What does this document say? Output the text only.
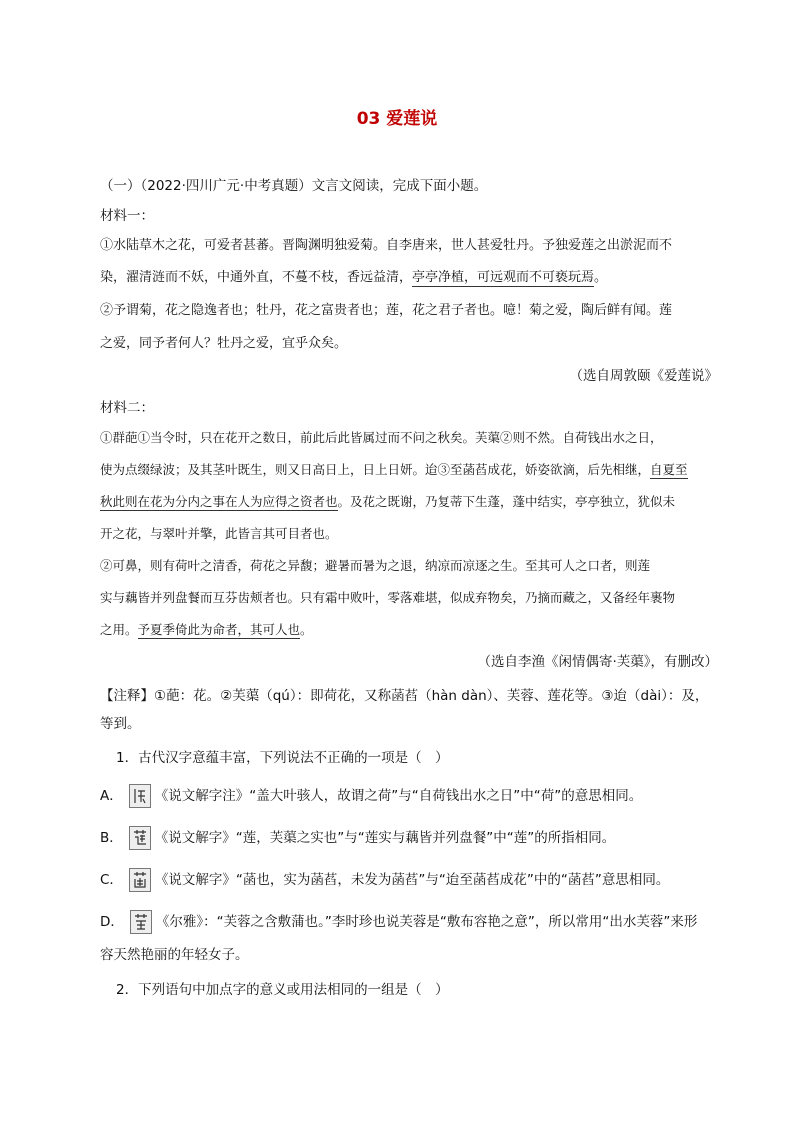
03 爱莲说
（一）（2022·四川广元·中考真题）文言文阅读，完成下面小题。
材料一：
①水陆草木之花，可爱者甚蕃。晋陶渊明独爱菊。自李唐来，世人甚爱牡丹。予独爱莲之出淤泥而不
染，濯清涟而不妖，中通外直，不蔓不枝，香远益清，亭亭净植，可远观而不可亵玩焉。
②予谓菊，花之隐逸者也；牡丹，花之富贵者也；莲，花之君子者也。噫！菊之爱，陶后鲜有闻。莲
之爱，同予者何人？牡丹之爱，宜乎众矣。
（选自周敦颐《爱莲说》
材料二：
①群葩①当令时，只在花开之数日，前此后此皆属过而不问之秋矣。芙蕖②则不然。自荷钱出水之日，
使为点缀绿波；及其茎叶既生，则又日高日上，日上日妍。迨③至菡萏成花，娇姿欲滴，后先相继，自夏至
秋此则在花为分内之事在人为应得之资者也。及花之既谢，乃复蒂下生蓬，蓬中结实，亭亭独立，犹似未
开之花，与翠叶并擎，此皆言其可目者也。
②可鼻，则有荷叶之清香，荷花之异馥；避暑而暑为之退，纳凉而凉逐之生。至其可人之口者，则莲
实与藕皆并列盘餐而互芬齿颊者也。只有霜中败叶，零落难堪，似成弃物矣，乃摘而藏之，又备经年裹物
之用。予夏季倚此为命者，其可人也。
（选自李渔《闲情偶寄·芙蕖》，有删改）
【注释】①葩：花。②芙蕖（qú）：即荷花，又称菡萏（hàn dàn）、芙蓉、莲花等。③迨（dài）：及，
等到。
1．古代汉字意蕴丰富，下列说法不正确的一项是（　）
A． 《说文解字注》“盖大叶骇人，故谓之荷”与“自荷钱出水之日”中“荷”的意思相同。
B． 《说文解字》“莲，芙蕖之实也”与“莲实与藕皆并列盘餐”中“莲”的所指相同。
C． 《说文解字》“菡也，实为菡萏，未发为菡萏”与“迨至菡萏成花”中的“菡萏”意思相同。
D． 《尔雅》：“芙蓉之含敷蒲也。”李时珍也说芙蓉是“敷布容艳之意”，所以常用“出水芙蓉”来形
容天然艳丽的年轻女子。
2．下列语句中加点字的意义或用法相同的一组是（　）
